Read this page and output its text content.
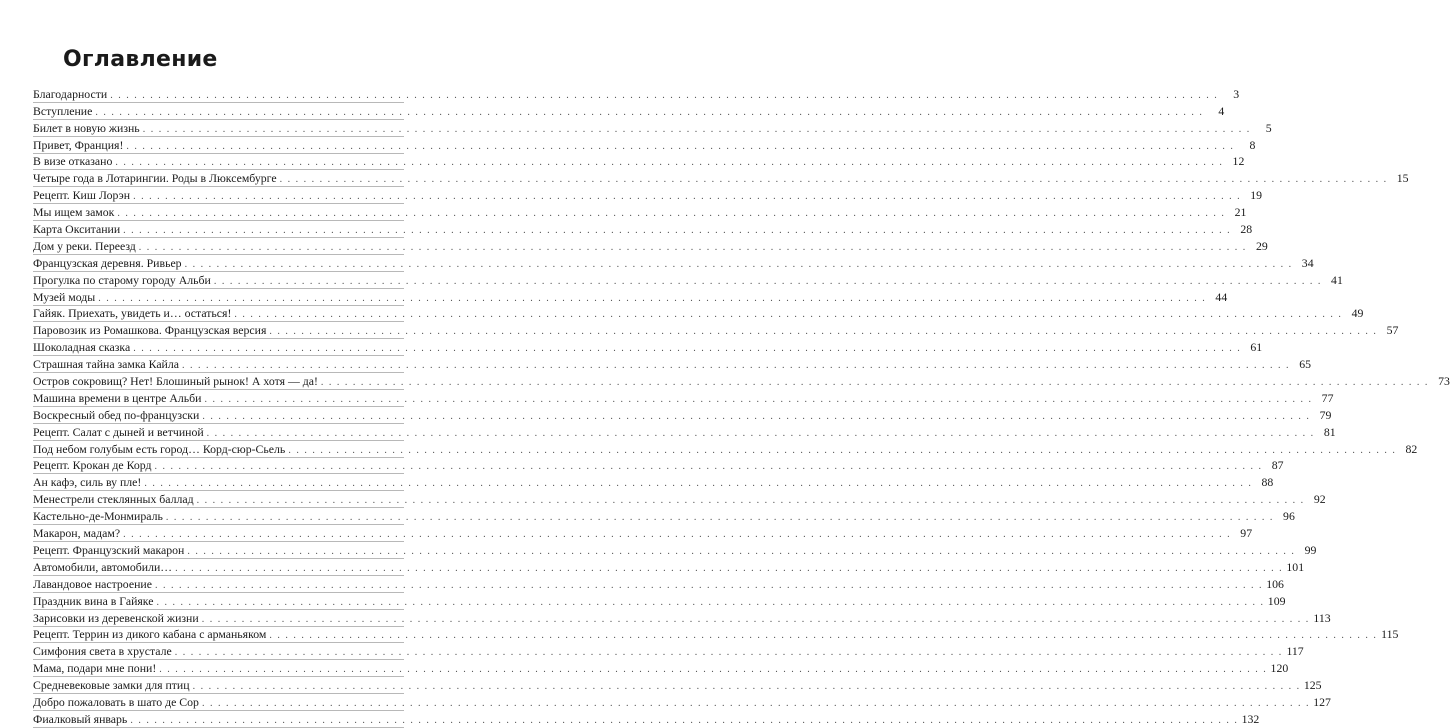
Оглавление
Благодарности . . .	3
Вступление . . .	4
Билет в новую жизнь . . .	5
Привет, Франция! . . .	8
В визе отказано . . .	12
Четыре года в Лотарингии. Роды в Люксембурге . . .	15
Рецепт. Киш Лорэн . . .	19
Мы ищем замок . . .	21
Карта Окситании . . .	28
Дом у реки. Переезд . . .	29
Французская деревня. Ривьер . . .	34
Прогулка по старому городу Альби . . .	41
Музей моды . . .	44
Гайяк. Приехать, увидеть и… остаться! . . .	49
Паровозик из Ромашкова. Французская версия . . .	57
Шоколадная сказка . . .	61
Страшная тайна замка Кайла . . .	65
Остров сокровищ? Нет! Блошиный рынок! А хотя — да! . . .	73
Машина времени в центре Альби . . .	77
Воскресный обед по-французски . . .	79
Рецепт. Салат с дыней и ветчиной . . .	81
Под небом голубым есть город… Корд-сюр-Сьель . . .	82
Рецепт. Крокан де Корд . . .	87
Ан кафэ, силь ву пле! . . .	88
Менестрели стеклянных баллад . . .	92
Кастельно-де-Монмираль . . .	96
Макарон, мадам? . . .	97
Рецепт. Французский макарон . . .	99
Автомобили, автомобили… . . .	101
Лавандовое настроение . . .	106
Праздник вина в Гайяке . . .	109
Зарисовки из деревенской жизни . . .	113
Рецепт. Террин из дикого кабана с арманьяком . . .	115
Симфония света в хрустале . . .	117
Мама, подари мне пони! . . .	120
Средневековые замки для птиц . . .	125
Добро пожаловать в шато де Сор . . .	127
Фиалковый январь . . .	132
